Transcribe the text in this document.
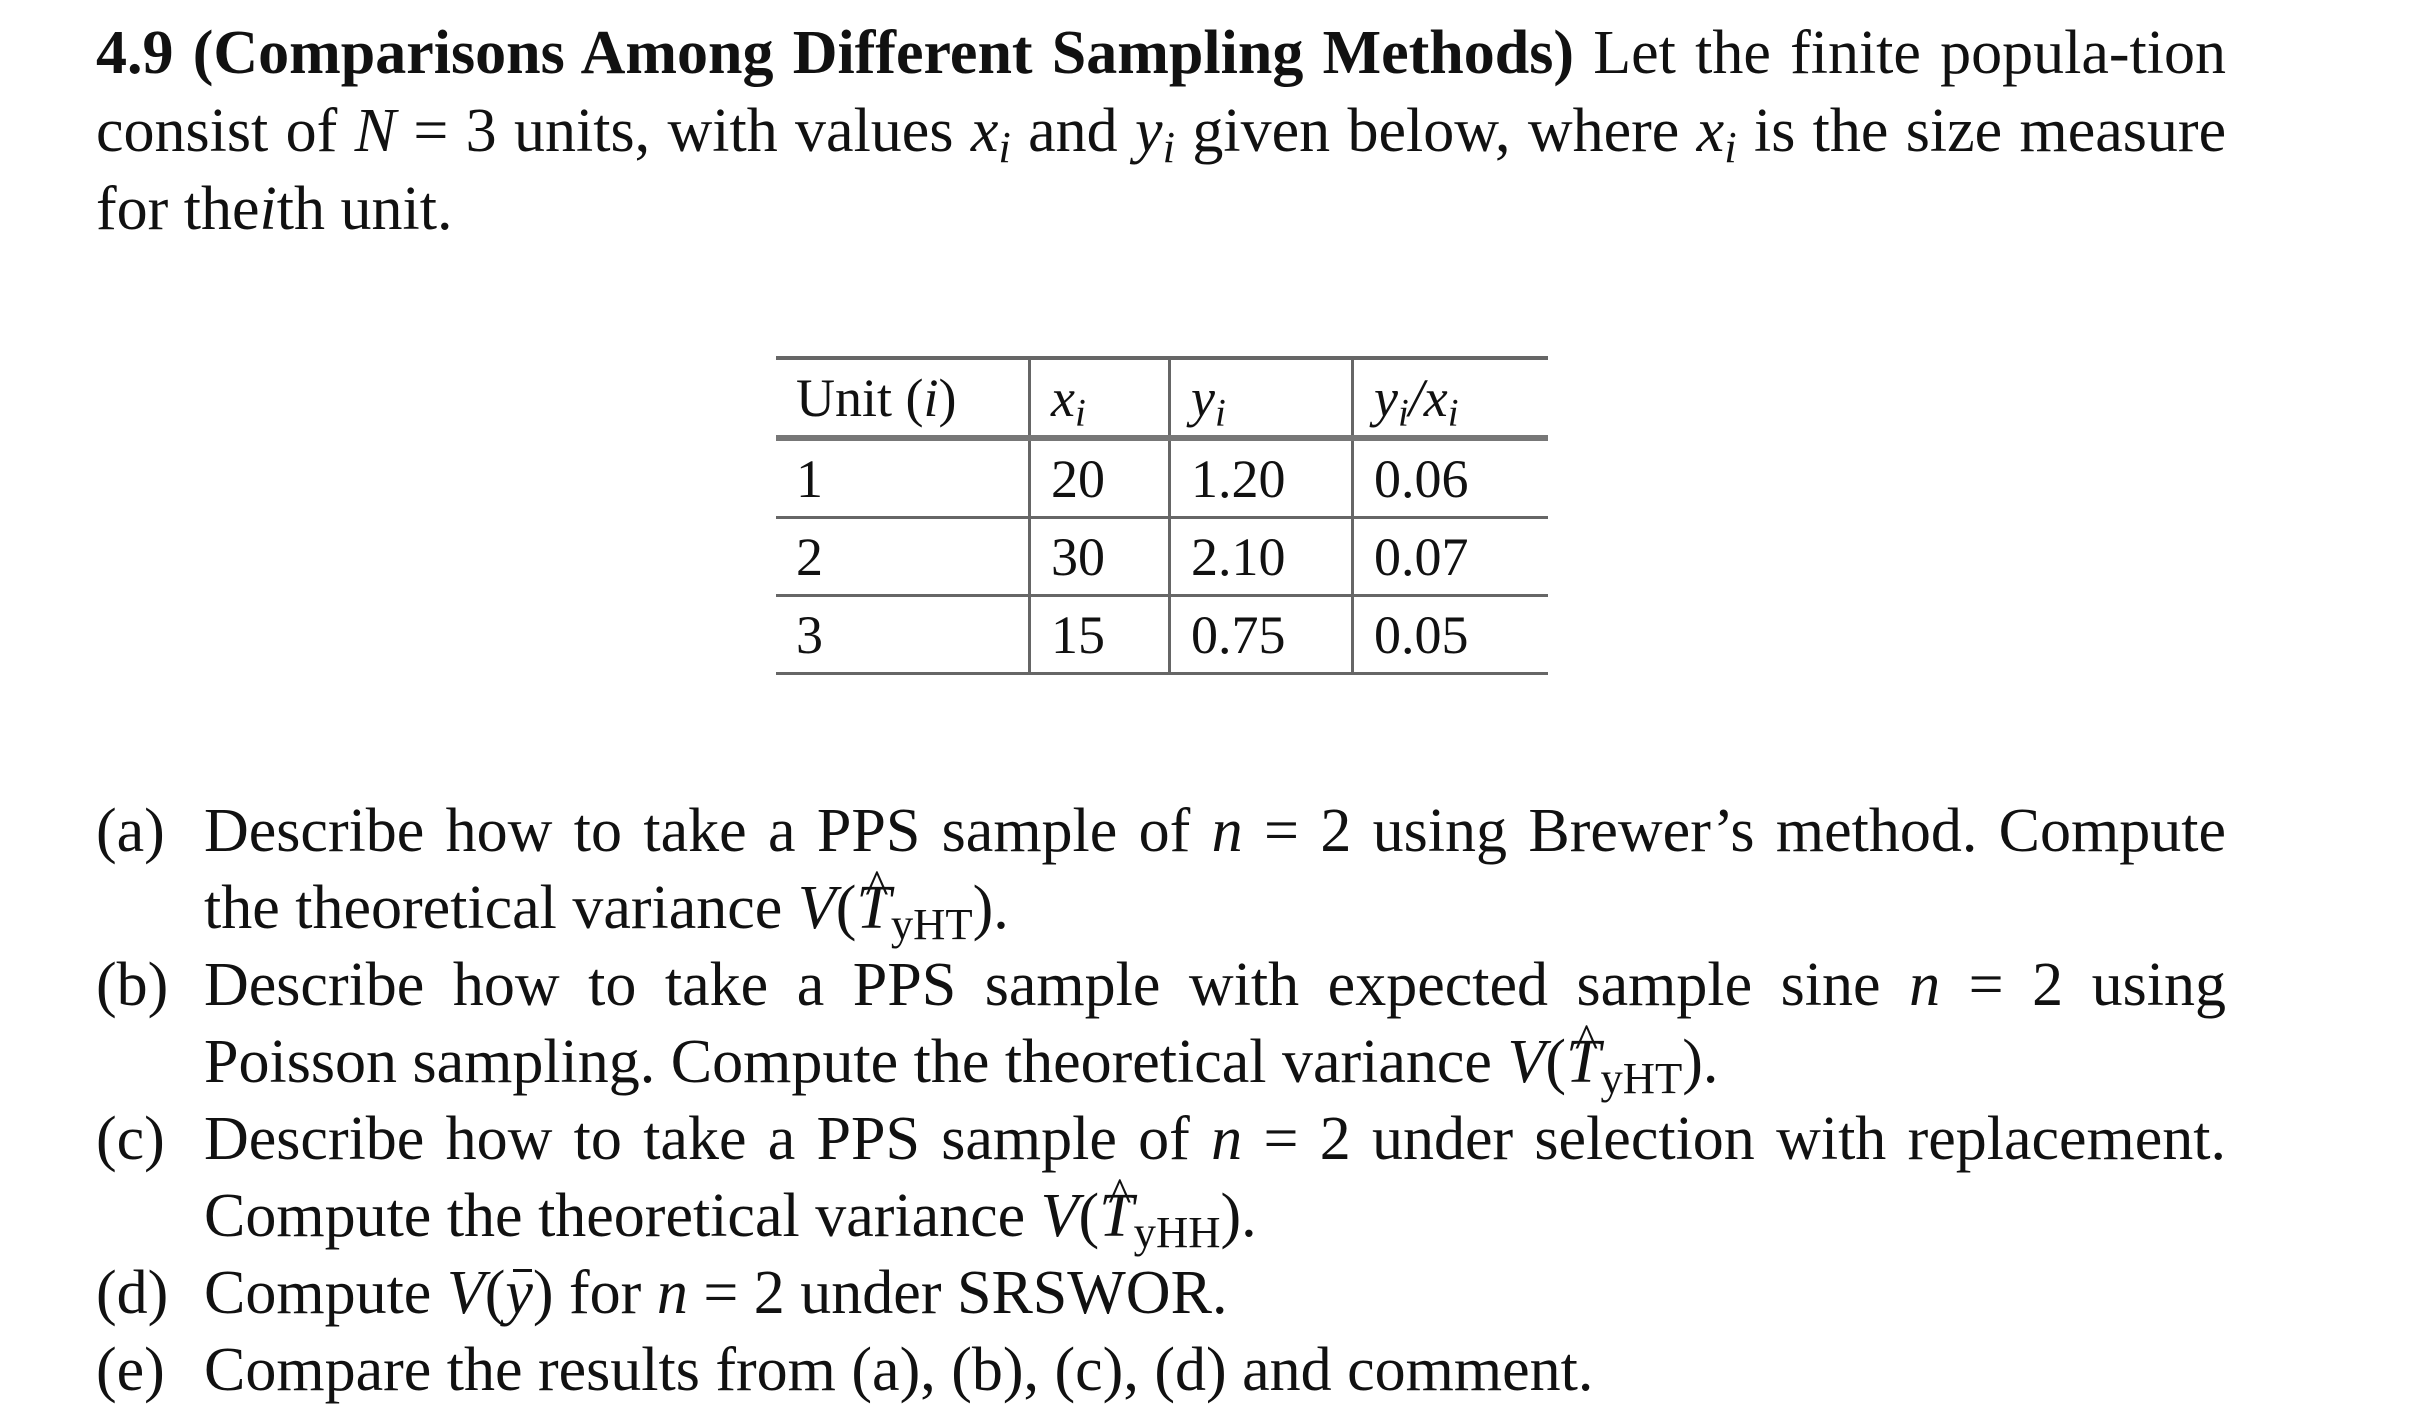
4.9 (Comparisons Among Different Sampling Methods) Let the finite popula-tion consist of N = 3 units, with values $x_i$ and $y_i$ given below, where $x_i$ is the size measure for theith unit.

Unit (i)	$x_i$	$y_i$	$y_i/x_i$
1	20	1.20	0.06
2	30	2.10	0.07
3	15	0.75	0.05
(a) Describe how to take a PPS sample of n = 2 using Brewer’s method. Compute the theoretical variance V(^ $T_{yHT}$).
(b) Describe how to take a PPS sample with expected sample sine n = 2 using Poisson sampling. Compute the theoretical variance V(^ $T_{yHT}$).
(c) Describe how to take a PPS sample of n = 2 under selection with replacement. Compute the theoretical variance V(^ $T_{yHH}$).
(d) Compute V(y) for n = 2 under SRSWOR.
(e) Compare the results from (a), (b), (c), (d) and comment.
